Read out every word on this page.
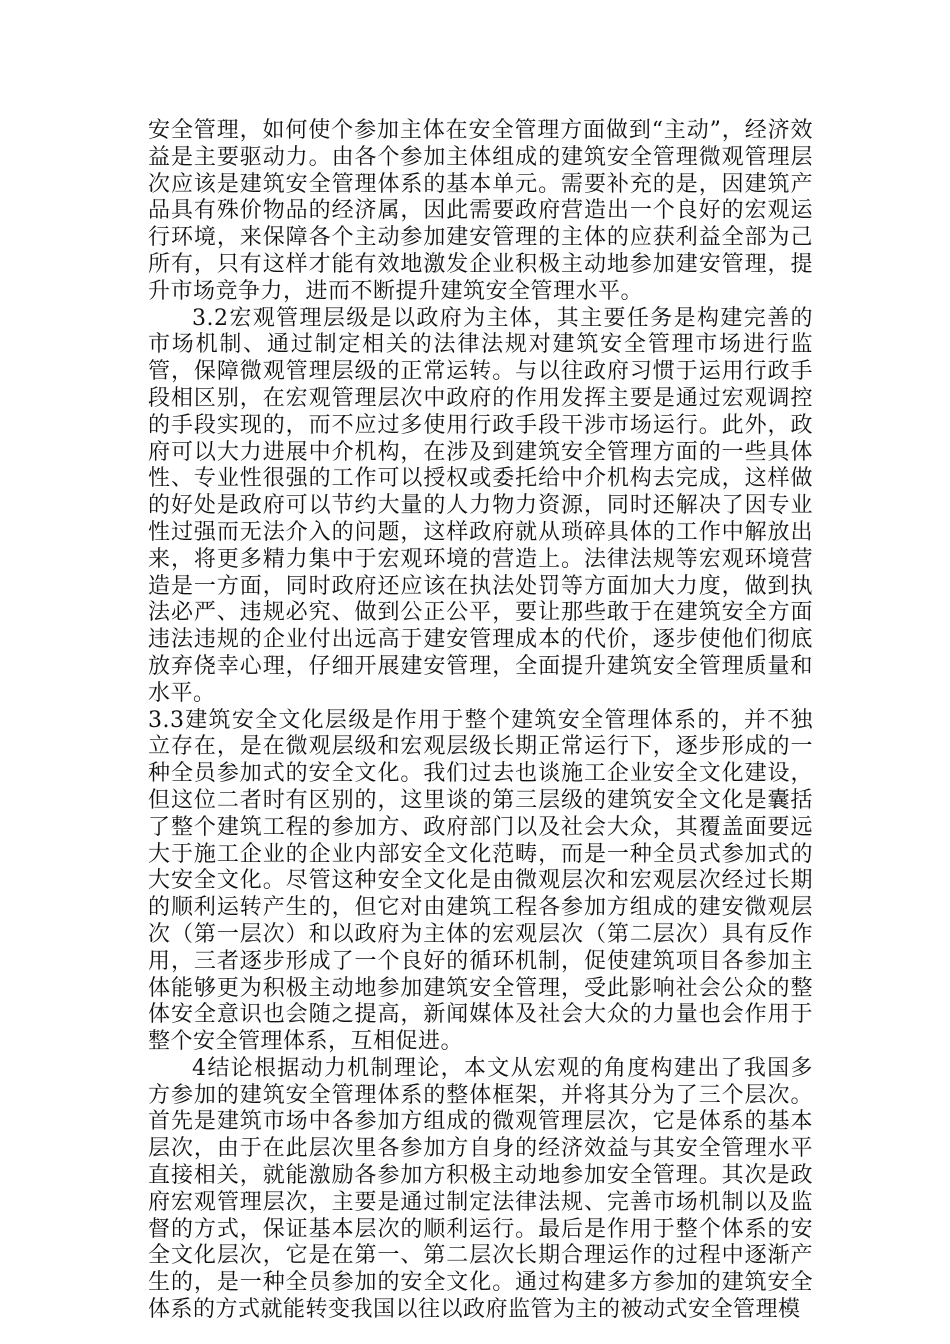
安全管理，如何使个参加主体在安全管理方面做到“主动”，经济效益是主要驱动力。由各个参加主体组成的建筑安全管理微观管理层次应该是建筑安全管理体系的基本单元。需要补充的是，因建筑产品具有殊价物品的经济属，因此需要政府营造出一个良好的宏观运行环境，来保障各个主动参加建安管理的主体的应获利益全部为己所有，只有这样才能有效地激发企业积极主动地参加建安管理，提升市场竞争力，进而不断提升建筑安全管理水平。

3.2宏观管理层级是以政府为主体，其主要任务是构建完善的市场机制、通过制定相关的法律法规对建筑安全管理市场进行监管，保障微观管理层级的正常运转。与以往政府习惯于运用行政手段相区别，在宏观管理层次中政府的作用发挥主要是通过宏观调控的手段实现的，而不应过多使用行政手段干涉市场运行。此外，政府可以大力进展中介机构，在涉及到建筑安全管理方面的一些具体性、专业性很强的工作可以授权或委托给中介机构去完成，这样做的好处是政府可以节约大量的人力物力资源，同时还解决了因专业性过强而无法介入的问题，这样政府就从琐碎具体的工作中解放出来，将更多精力集中于宏观环境的营造上。法律法规等宏观环境营造是一方面，同时政府还应该在执法处罚等方面加大力度，做到执法必严、违规必究、做到公正公平，要让那些敢于在建筑安全方面违法违规的企业付出远高于建安管理成本的代价，逐步使他们彻底放弃侥幸心理，仔细开展建安管理，全面提升建筑安全管理质量和水平。

3.3建筑安全文化层级是作用于整个建筑安全管理体系的，并不独立存在，是在微观层级和宏观层级长期正常运行下，逐步形成的一种全员参加式的安全文化。我们过去也谈施工企业安全文化建设，但这位二者时有区别的，这里谈的第三层级的建筑安全文化是囊括了整个建筑工程的参加方、政府部门以及社会大众，其覆盖面要远大于施工企业的企业内部安全文化范畴，而是一种全员式参加式的大安全文化。尽管这种安全文化是由微观层次和宏观层次经过长期的顺利运转产生的，但它对由建筑工程各参加方组成的建安微观层次（第一层次）和以政府为主体的宏观层次（第二层次）具有反作用，三者逐步形成了一个良好的循环机制，促使建筑项目各参加主体能够更为积极主动地参加建筑安全管理，受此影响社会公众的整体安全意识也会随之提高，新闻媒体及社会大众的力量也会作用于整个安全管理体系，互相促进。

4结论根据动力机制理论，本文从宏观的角度构建出了我国多方参加的建筑安全管理体系的整体框架，并将其分为了三个层次。首先是建筑市场中各参加方组成的微观管理层次，它是体系的基本层次，由于在此层次里各参加方自身的经济效益与其安全管理水平直接相关，就能激励各参加方积极主动地参加安全管理。其次是政府宏观管理层次，主要是通过制定法律法规、完善市场机制以及监督的方式，保证基本层次的顺利运行。最后是作用于整个体系的安全文化层次，它是在第一、第二层次长期合理运作的过程中逐渐产生的，是一种全员参加的安全文化。通过构建多方参加的建筑安全体系的方式就能转变我国以往以政府监管为主的被动式安全管理模
